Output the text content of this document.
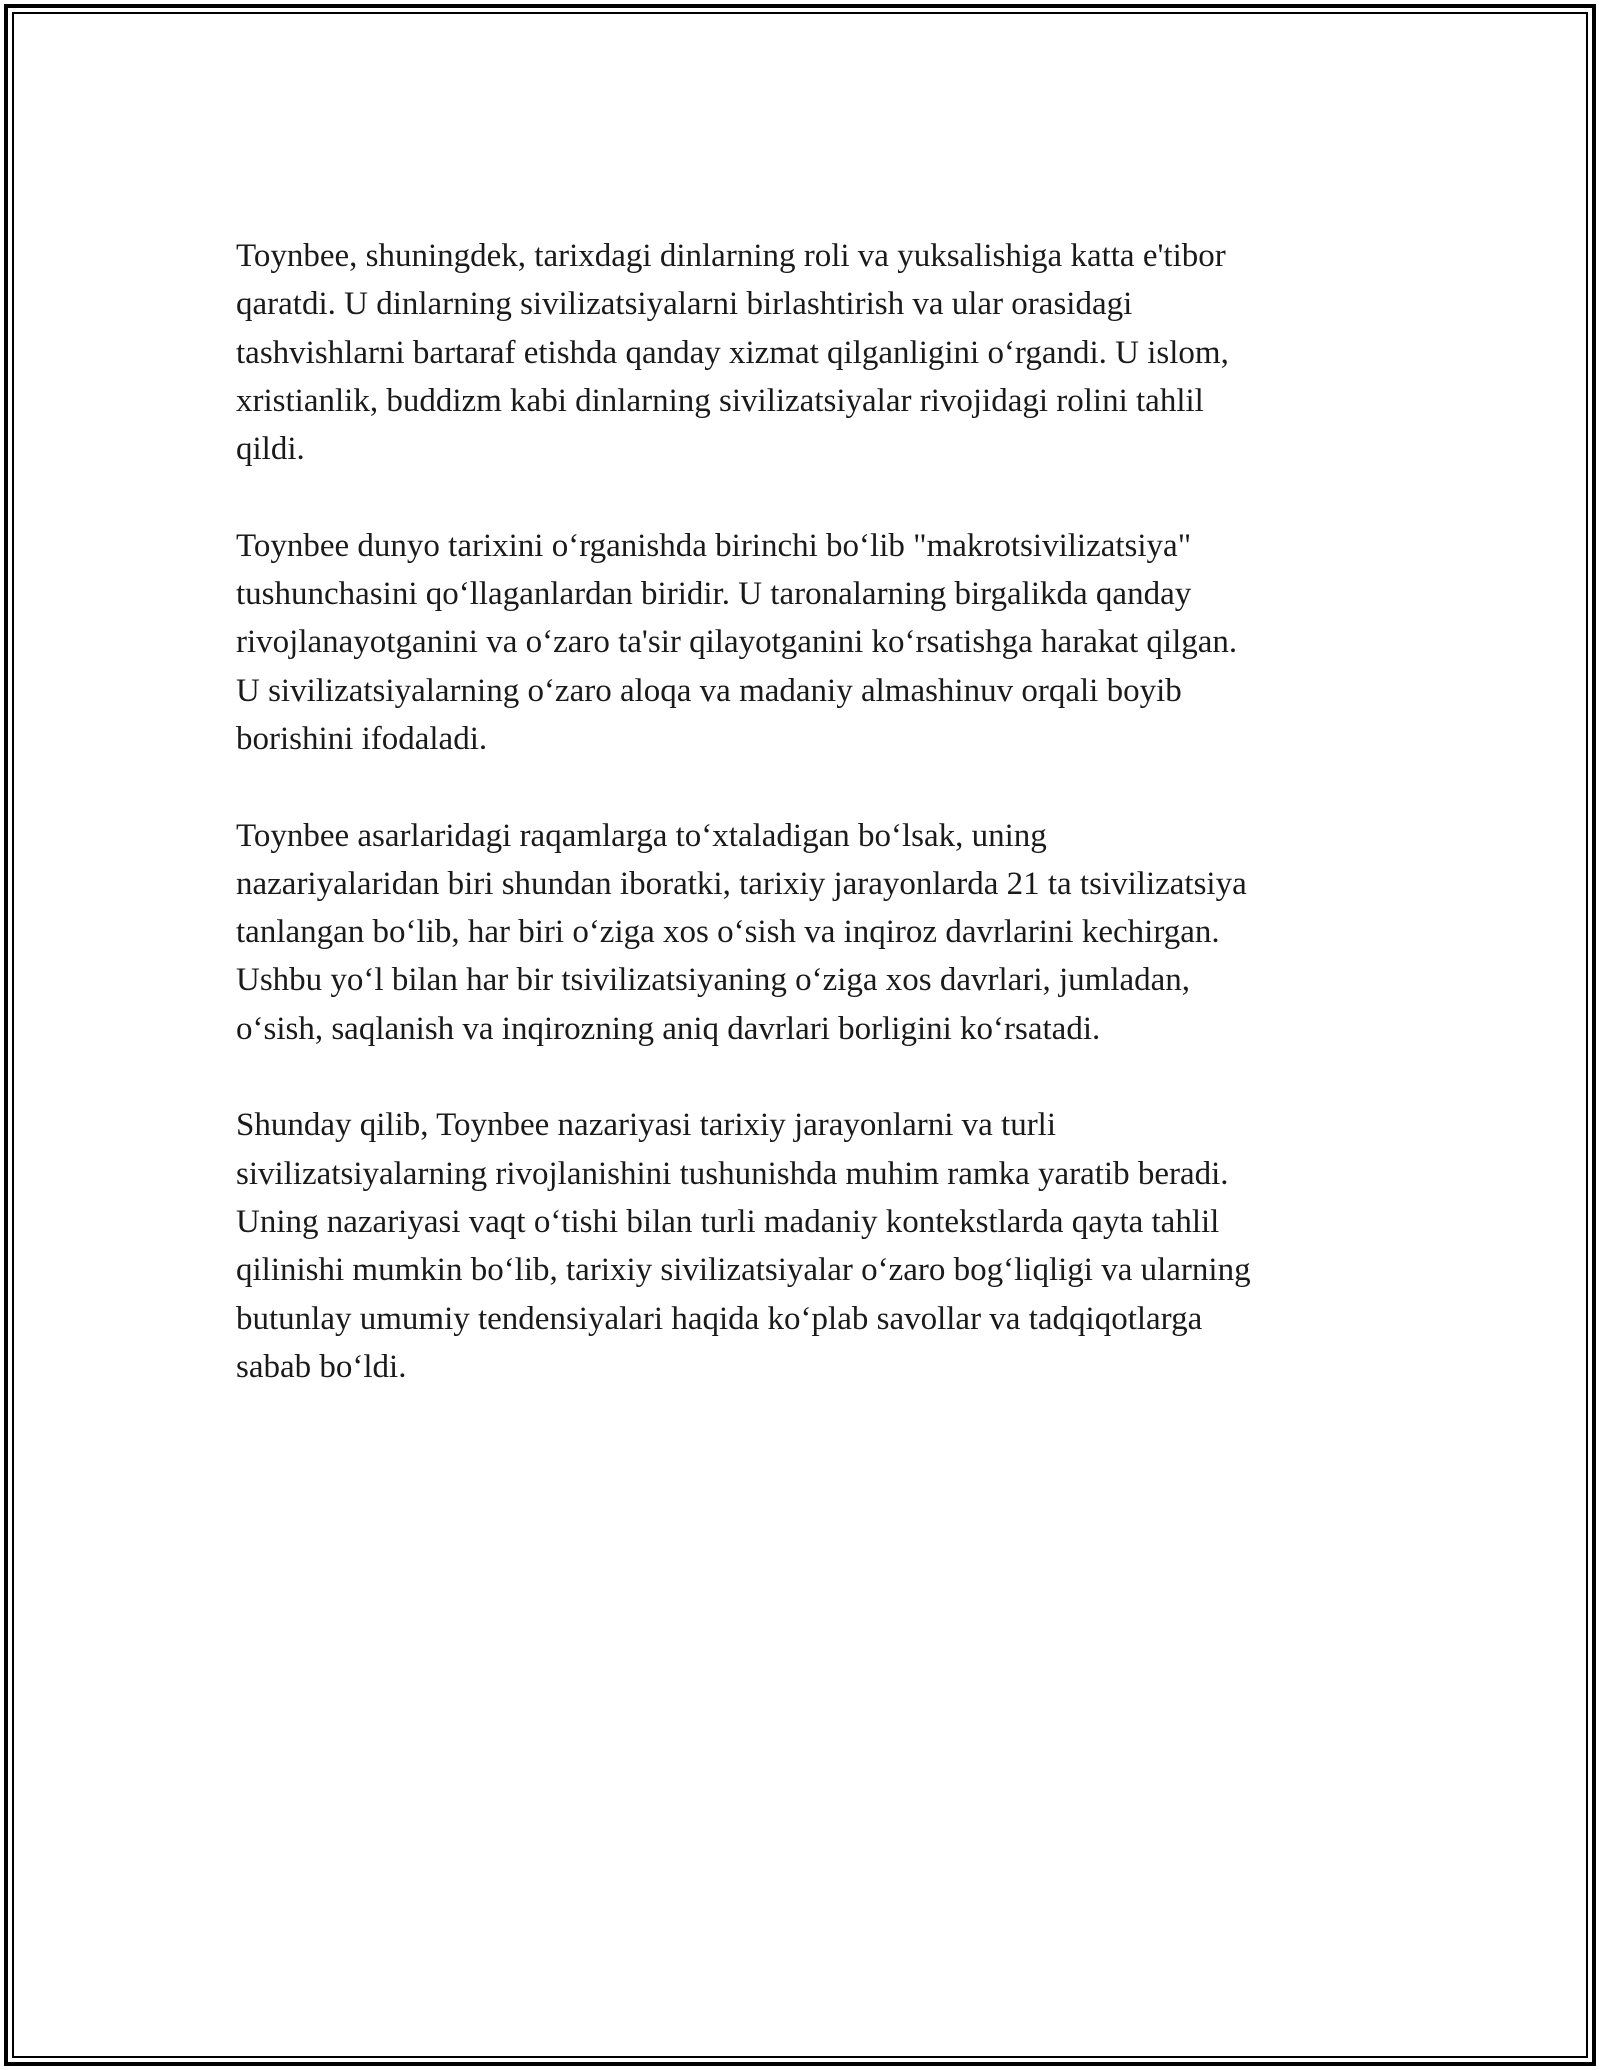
Toynbee, shuningdek, tarixdagi dinlarning roli va yuksalishiga katta e'tibor
qaratdi. U dinlarning sivilizatsiyalarni birlashtirish va ular orasidagi
tashvishlarni bartaraf etishda qanday xizmat qilganligini o‘rgandi. U islom,
xristianlik, buddizm kabi dinlarning sivilizatsiyalar rivojidagi rolini tahlil
qildi.

Toynbee dunyo tarixini o‘rganishda birinchi bo‘lib "makrotsivilizatsiya"
tushunchasini qo‘llaganlardan biridir. U taronalarning birgalikda qanday
rivojlanayotganini va o‘zaro ta'sir qilayotganini ko‘rsatishga harakat qilgan.
U sivilizatsiyalarning o‘zaro aloqa va madaniy almashinuv orqali boyib
borishini ifodaladi.

Toynbee asarlaridagi raqamlarga to‘xtaladigan bo‘lsak, uning
nazariyalaridan biri shundan iboratki, tarixiy jarayonlarda 21 ta tsivilizatsiya
tanlangan bo‘lib, har biri o‘ziga xos o‘sish va inqiroz davrlarini kechirgan.
Ushbu yo‘l bilan har bir tsivilizatsiyaning o‘ziga xos davrlari, jumladan,
o‘sish, saqlanish va inqirozning aniq davrlari borligini ko‘rsatadi.

Shunday qilib, Toynbee nazariyasi tarixiy jarayonlarni va turli
sivilizatsiyalarning rivojlanishini tushunishda muhim ramka yaratib beradi.
Uning nazariyasi vaqt o‘tishi bilan turli madaniy kontekstlarda qayta tahlil
qilinishi mumkin bo‘lib, tarixiy sivilizatsiyalar o‘zaro bog‘liqligi va ularning
butunlay umumiy tendensiyalari haqida ko‘plab savollar va tadqiqotlarga
sabab bo‘ldi.
